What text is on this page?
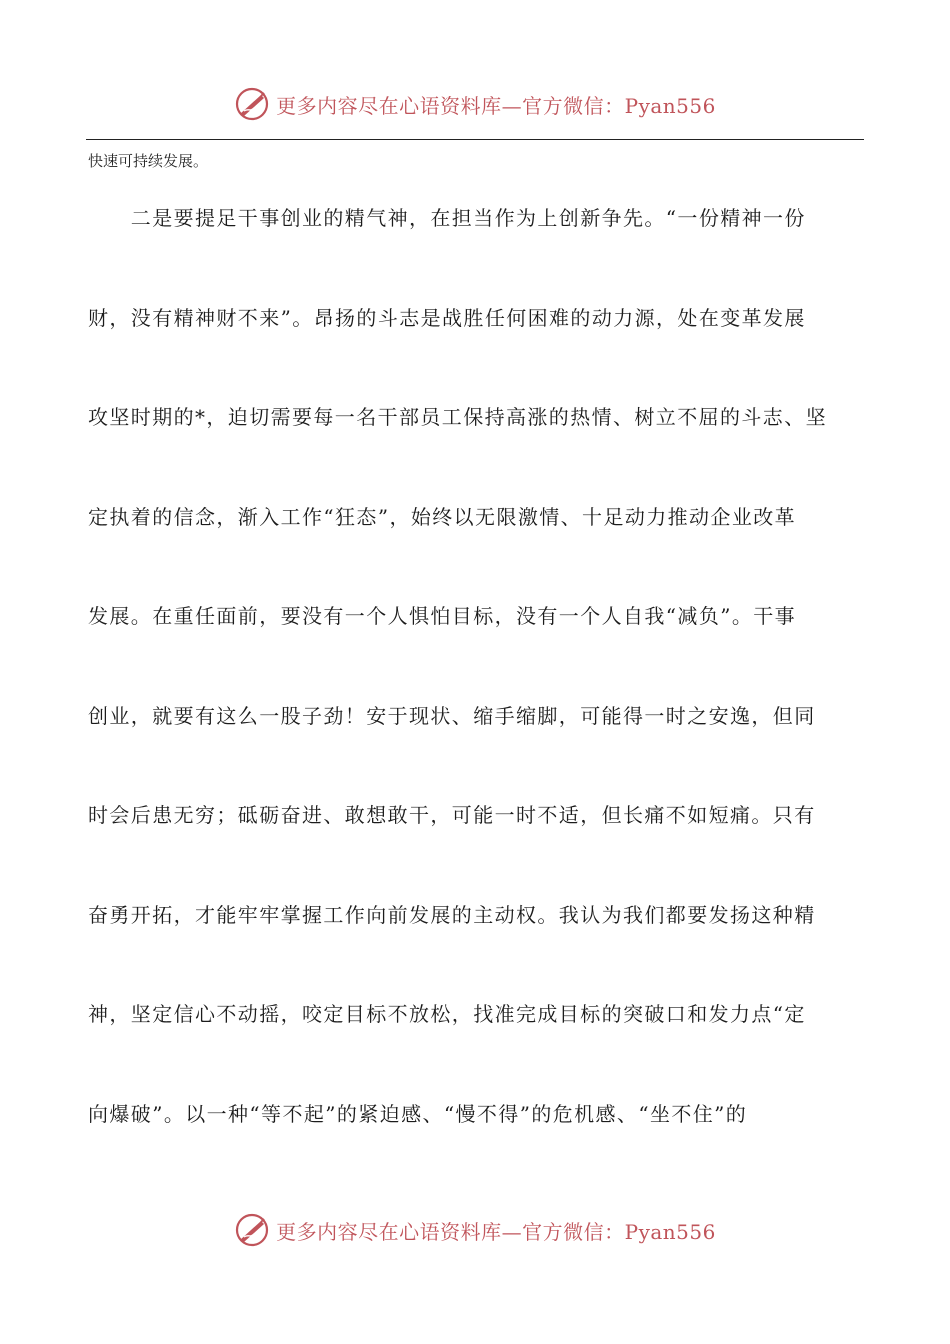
更多内容尽在心语资料库—官方微信：Pyan556
快速可持续发展。
　　二是要提足干事创业的精气神，在担当作为上创新争先。“一份精神一份
财，没有精神财不来”。昂扬的斗志是战胜任何困难的动力源，处在变革发展
攻坚时期的*，迫切需要每一名干部员工保持高涨的热情、树立不屈的斗志、坚
定执着的信念，渐入工作“狂态”，始终以无限激情、十足动力推动企业改革
发展。在重任面前，要没有一个人惧怕目标，没有一个人自我“减负”。干事
创业，就要有这么一股子劲！安于现状、缩手缩脚，可能得一时之安逸，但同
时会后患无穷；砥砺奋进、敢想敢干，可能一时不适，但长痛不如短痛。只有
奋勇开拓，才能牢牢掌握工作向前发展的主动权。我认为我们都要发扬这种精
神，坚定信心不动摇，咬定目标不放松，找准完成目标的突破口和发力点“定
向爆破”。以一种“等不起”的紧迫感、“慢不得”的危机感、“坐不住”的
更多内容尽在心语资料库—官方微信：Pyan556
